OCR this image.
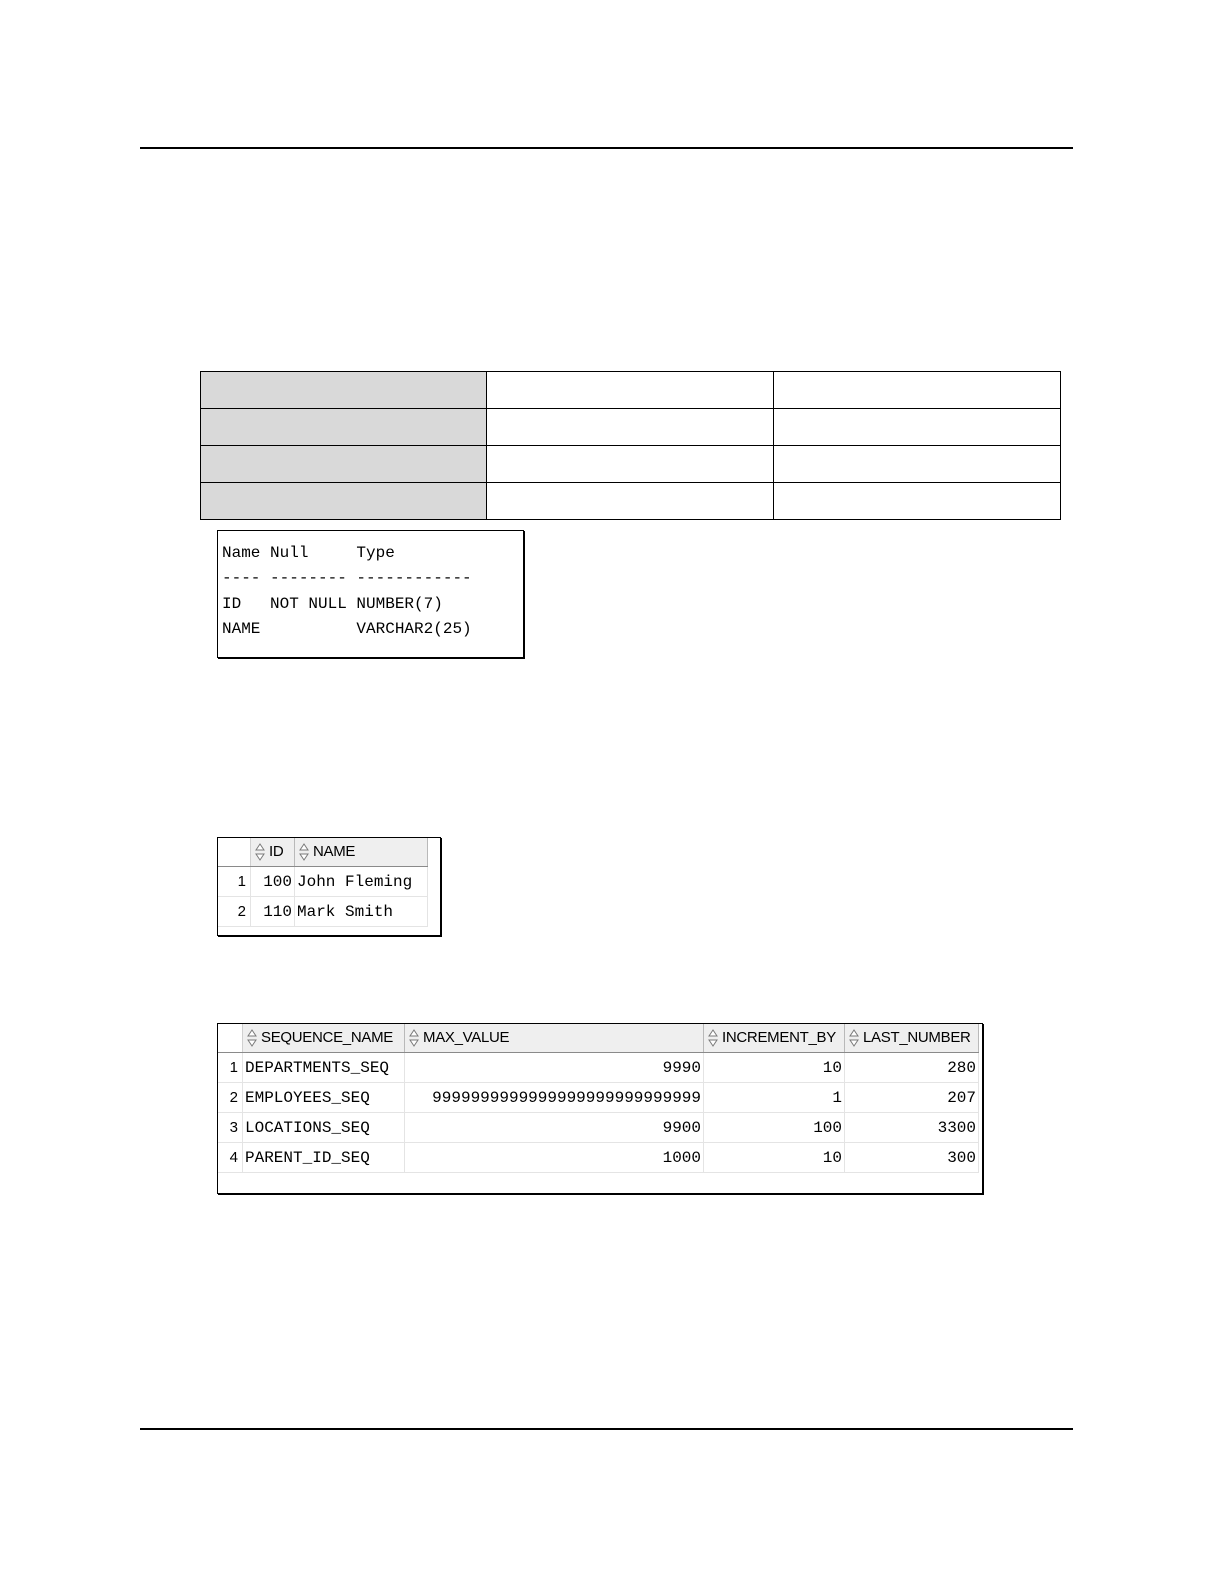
Name Null     Type
---- -------- ------------
ID   NOT NULL NUMBER(7)
NAME          VARCHAR2(25)
	ID	NAME
1	100	John Fleming
2	110	Mark Smith
	SEQUENCE_NAME	MAX_VALUE	INCREMENT_BY	LAST_NUMBER
1	DEPARTMENTS_SEQ	9990	10	280
2	EMPLOYEES_SEQ	9999999999999999999999999999	1	207
3	LOCATIONS_SEQ	9900	100	3300
4	PARENT_ID_SEQ	1000	10	300
